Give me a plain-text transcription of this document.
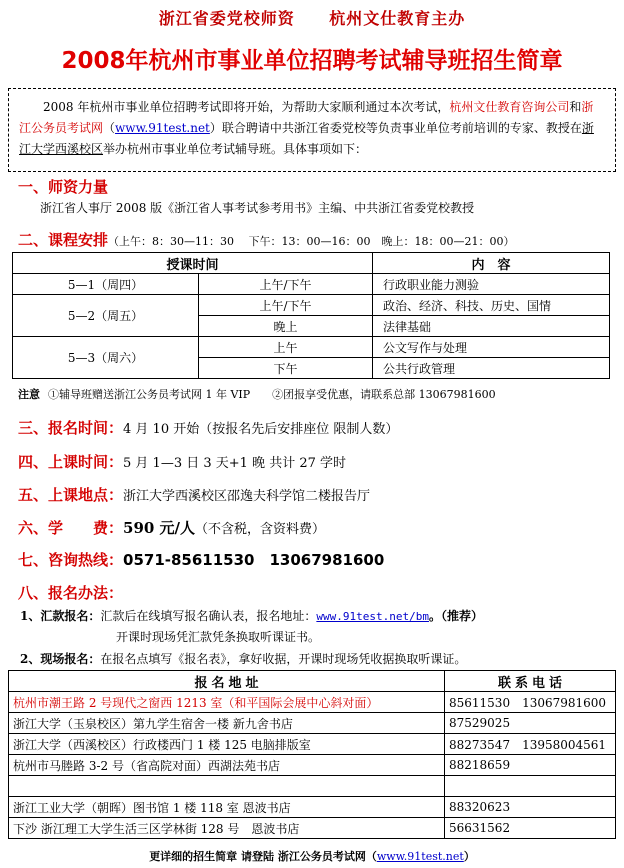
浙江省委党校师资 杭州文仕教育主办
2008年杭州市事业单位招聘考试辅导班招生简章
2008 年杭州市事业单位招聘考试即将开始，为帮助大家顺利通过本次考试，杭州文仕教育咨询公司和浙江公务员考试网（www.91test.net）联合聘请中共浙江省委党校等负责事业单位考前培训的专家、教授在浙江大学西溪校区举办杭州市事业单位考试辅导班。具体事项如下：
一、师资力量
浙江省人事厅 2008 版《浙江省人事考试参考用书》主编、中共浙江省委党校教授
二、课程安排（上午：8：30—11：30　 下午：13：00—16：00　晚上：18：00—21：00）
授课时间		内　容
5—1（周四）	上午/下午	行政职业能力测验
5—2（周五）	上午/下午	政治、经济、科技、历史、国情
	晚上	法律基础
5—3（周六）	上午	公文写作与处理
	下午	公共行政管理
注意 ①辅导班赠送浙江公务员考试网 1 年 VIP　　②团报享受优惠，请联系总部 13067981600
三、报名时间：4 月 10 开始（按报名先后安排座位 限制人数）
四、上课时间：5 月 1—3 日 3 天+1 晚 共计 27 学时
五、上课地点：浙江大学西溪校区邵逸夫科学馆二楼报告厅
六、学　　费：590 元/人（不含税，含资料费）
七、咨询热线：0571-85611530　13067981600
八、报名办法：
1、汇款报名：汇款后在线填写报名确认表，报名地址：www.91test.net/bm。（推荐）
开课时现场凭汇款凭条换取听课证书。
2、现场报名：在报名点填写《报名表》，拿好收据，开课时现场凭收据换取听课证。
报名地址	联系电话
杭州市潮王路 2 号现代之窗西 1213 室（和平国际会展中心斜对面）	85611530　13067981600
浙江大学（玉泉校区）第九学生宿舍一楼 新九舍书店	87529025
浙江大学（西溪校区）行政楼西门 1 楼 125 电脑排版室	88273547　13958004561
杭州市马塍路 3-2 号（省高院对面）西湖法苑书店	88218659

浙江工业大学（朝晖）图书馆 1 楼 118 室 恩波书店	88320623
下沙 浙江理工大学生活三区学林街 128 号　恩波书店	56631562
更详细的招生简章 请登陆 浙江公务员考试网（www.91test.net）
